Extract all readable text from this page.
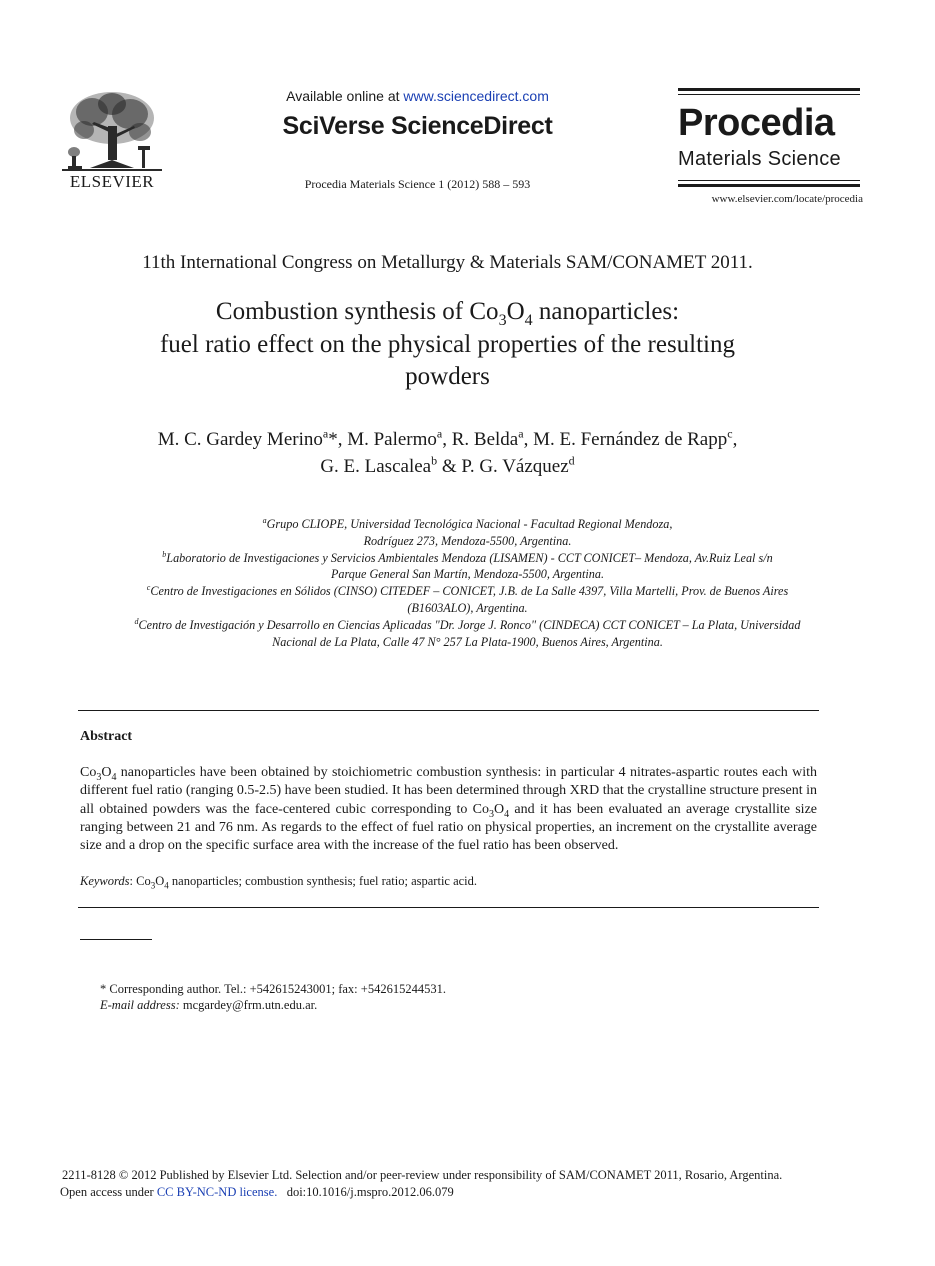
ELSEVIER
Available online at www.sciencedirect.com
SciVerse ScienceDirect
Procedia Materials Science 1 (2012) 588 – 593
Procedia
Materials Science
www.elsevier.com/locate/procedia
11th International Congress on Metallurgy & Materials SAM/CONAMET 2011.
Combustion synthesis of $Co_3O_4$ nanoparticles:
fuel ratio effect on the physical properties of the resulting
powders
M. C. Gardey Merino$^a$*, M. Palermo$^a$, R. Belda$^a$, M. E. Fernández de Rapp$^c$,
G. E. Lascalea$^b$ & P. G. Vázquez$^d$
$^a$Grupo CLIOPE, Universidad Tecnológica Nacional - Facultad Regional Mendoza,
Rodríguez 273, Mendoza-5500, Argentina.
$^b$Laboratorio de Investigaciones y Servicios Ambientales Mendoza (LISAMEN) - CCT CONICET– Mendoza, Av.Ruiz Leal s/n
Parque General San Martín, Mendoza-5500, Argentina.
$^c$Centro de Investigaciones en Sólidos (CINSO) CITEDEF – CONICET, J.B. de La Salle 4397, Villa Martelli, Prov. de Buenos Aires
(B1603ALO), Argentina.
$^d$Centro de Investigación y Desarrollo en Ciencias Aplicadas "Dr. Jorge J. Ronco" (CINDECA) CCT CONICET – La Plata, Universidad
Nacional de La Plata, Calle 47 N° 257 La Plata-1900, Buenos Aires, Argentina.
Abstract
$Co_3O_4$ nanoparticles have been obtained by stoichiometric combustion synthesis: in particular 4 nitrates-aspartic routes each with different fuel ratio (ranging 0.5-2.5) have been studied. It has been determined through XRD that the crystalline structure present in all obtained powders was the face-centered cubic corresponding to $Co_3O_4$ and it has been evaluated an average crystallite size ranging between 21 and 76 nm. As regards to the effect of fuel ratio on physical properties, an increment on the crystallite average size and a drop on the specific surface area with the increase of the fuel ratio has been observed.
Keywords: $Co_3O_4$ nanoparticles; combustion synthesis; fuel ratio; aspartic acid.
* Corresponding author. Tel.: +542615243001; fax: +542615244531.
E-mail address: mcgardey@frm.utn.edu.ar.
2211-8128 © 2012 Published by Elsevier Ltd. Selection and/or peer-review under responsibility of SAM/CONAMET 2011, Rosario, Argentina.
Open access under CC BY-NC-ND license. doi:10.1016/j.mspro.2012.06.079
